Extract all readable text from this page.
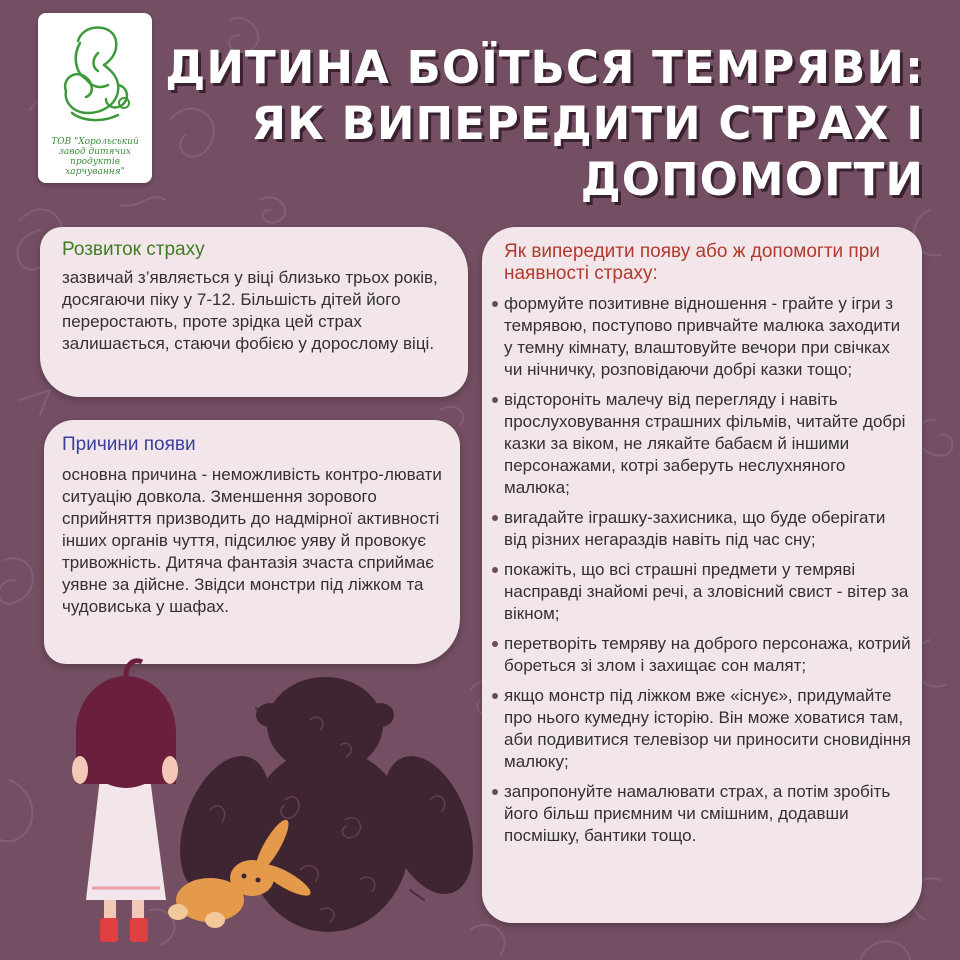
ТОВ "Хорольський завод дитячих продуктів харчування"
ДИТИНА БОЇТЬСЯ ТЕМРЯВИ: ЯК ВИПЕРЕДИТИ СТРАХ І ДОПОМОГТИ
Розвиток страху

зазвичай з’являється у віці близько трьох років, досягаючи піку у 7-12. Більшість дітей його переростають, проте зрідка цей страх залишається, стаючи фобією у дорослому віці.

Причини появи

основна причина - неможливість контро-лювати ситуацію довкола. Зменшення зорового сприйняття призводить до надмірної активності інших органів чуття, підсилює уяву й провокує тривожність. Дитяча фантазія зчаста сприймає уявне за дійсне. Звідси монстри під ліжком та чудовиська у шафах.

Як випередити появу або ж допомогти при наявності страху:
формуйте позитивне відношення - грайте у ігри з темрявою, поступово привчайте малюка заходити у темну кімнату, влаштовуйте вечори при свічках чи нічничку, розповідаючи добрі казки тощо;
відстороніть малечу від перегляду і навіть прослуховування страшних фільмів, читайте добрі казки за віком, не лякайте бабаєм й іншими персонажами, котрі заберуть неслухняного малюка;
вигадайте іграшку-захисника, що буде оберігати від різних негараздів навіть під час сну;
покажіть, що всі страшні предмети у темряві насправді знайомі речі, а зловісний свист - вітер за вікном;
перетворіть темряву на доброго персонажа, котрий бореться зі злом і захищає сон малят;
якщо монстр під ліжком вже «існує», придумайте про нього кумедну історію. Він може ховатися там, аби подивитися телевізор чи приносити сновидіння малюку;
запропонуйте намалювати страх, а потім зробіть його більш приємним чи смішним, додавши посмішку, бантики тощо.
